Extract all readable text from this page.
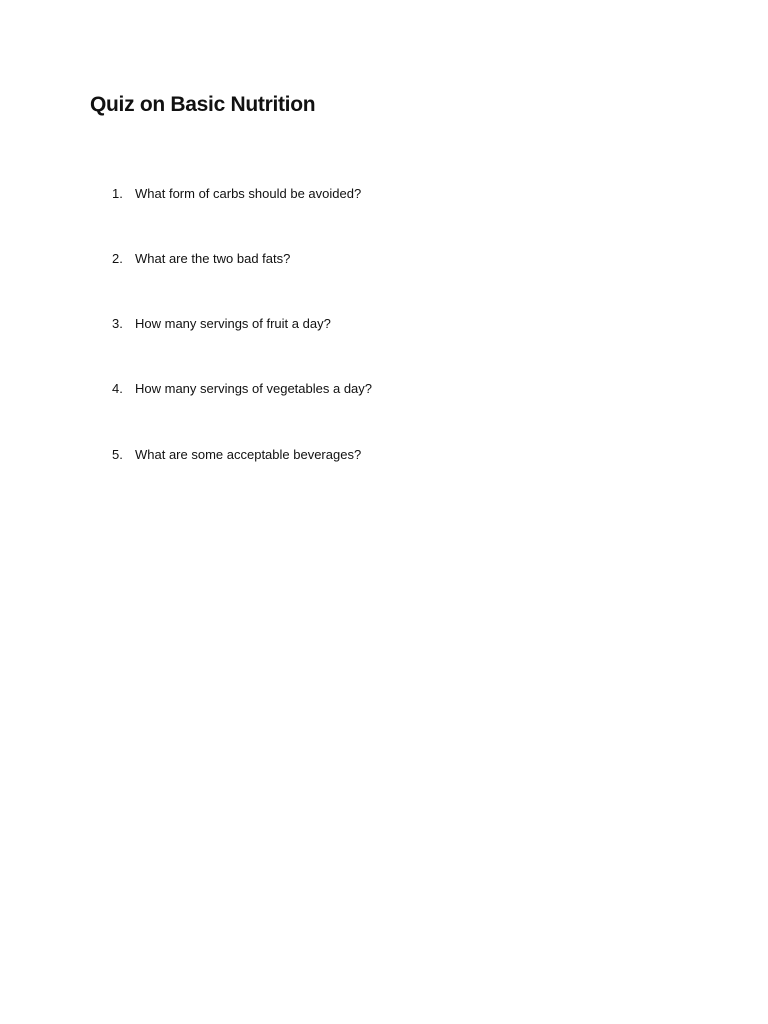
Quiz on Basic Nutrition
1. What form of carbs should be avoided?
2. What are the two bad fats?
3. How many servings of fruit a day?
4. How many servings of vegetables a day?
5. What are some acceptable beverages?
